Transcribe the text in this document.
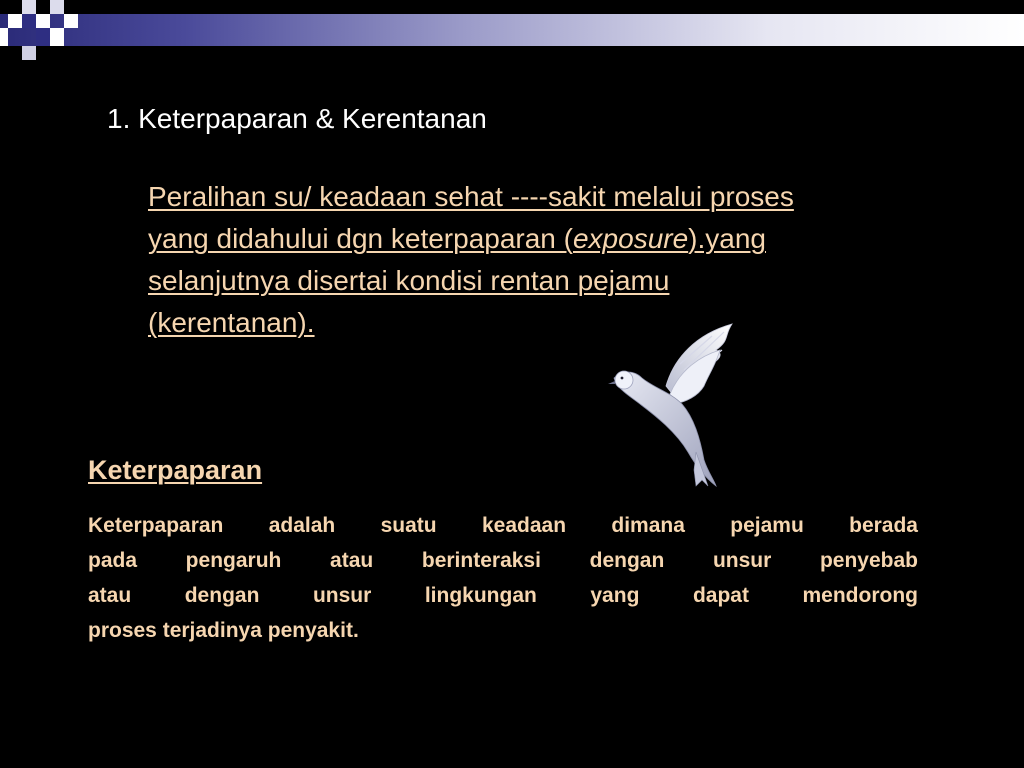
1. Keterpaparan & Kerentanan

Peralihan su/ keadaan sehat ----sakit melalui proses
yang didahului dgn keterpaparan (exposure).yang
selanjutnya disertai kondisi rentan pejamu
(kerentanan).

Keterpaparan

Keterpaparan adalah suatu keadaan dimana pejamu berada
pada pengaruh atau berinteraksi dengan unsur penyebab
atau dengan unsur lingkungan yang dapat mendorong
proses terjadinya penyakit.
